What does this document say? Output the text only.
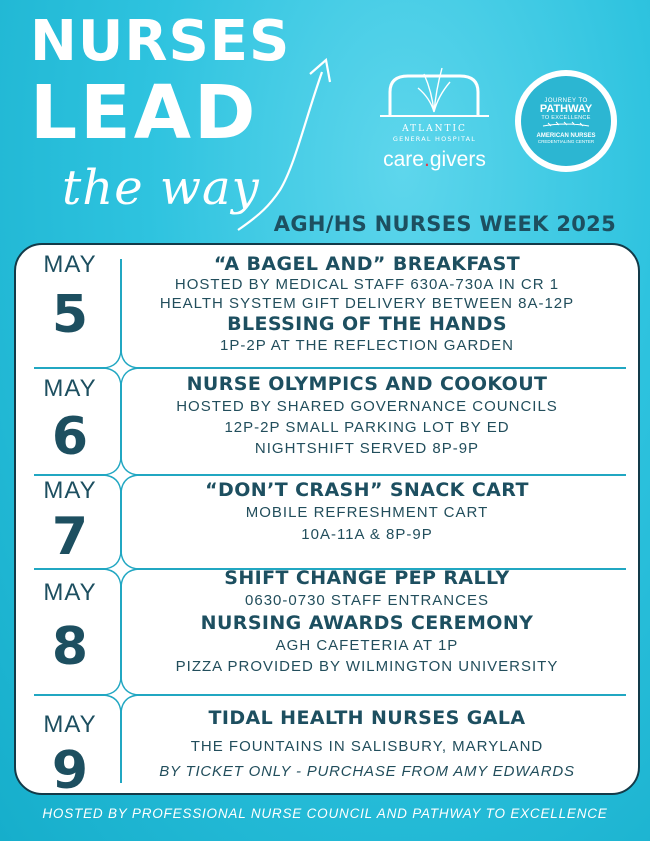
NURSES
LEAD
the way
ATLANTIC
GENERAL HOSPITAL
care.givers
JOURNEY TO
PATHWAY
TO EXCELLENCE
AMERICAN NURSES
CREDENTIALING CENTER
AGH/HS NURSES WEEK 2025
MAY
5
“A BAGEL AND” BREAKFAST
HOSTED BY MEDICAL STAFF 630A-730A IN CR 1
HEALTH SYSTEM GIFT DELIVERY BETWEEN 8A-12P
BLESSING OF THE HANDS
1P-2P AT THE REFLECTION GARDEN
MAY
6
NURSE OLYMPICS AND COOKOUT
HOSTED BY SHARED GOVERNANCE COUNCILS
12P-2P SMALL PARKING LOT BY ED
NIGHTSHIFT SERVED 8P-9P
MAY
7
“DON’T CRASH” SNACK CART
MOBILE REFRESHMENT CART
10A-11A & 8P-9P
MAY
8
SHIFT CHANGE PEP RALLY
0630-0730 STAFF ENTRANCES
NURSING AWARDS CEREMONY
AGH CAFETERIA AT 1P
PIZZA PROVIDED BY WILMINGTON UNIVERSITY
MAY
9
TIDAL HEALTH NURSES GALA
THE FOUNTAINS IN SALISBURY, MARYLAND
BY TICKET ONLY - PURCHASE FROM AMY EDWARDS
HOSTED BY PROFESSIONAL NURSE COUNCIL AND PATHWAY TO EXCELLENCE
